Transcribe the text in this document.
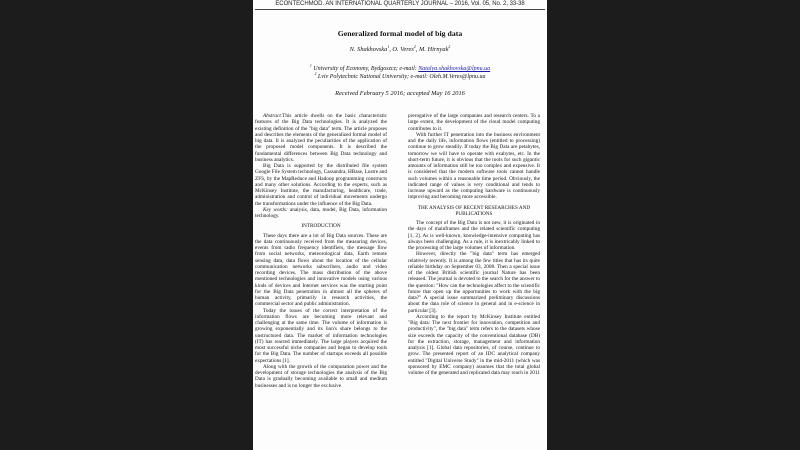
ECONTECHMOD. AN INTERNATIONAL QUARTERLY JOURNAL – 2016, Vol. 05, No. 2, 33-38
Generalized formal model of big data
N. Shakhovska$^1$, O. Veres$^2$, M. Hirnyak$^2$
$^1$ University of Economy, Bydgoszcz; e-mail: Natalya.shakhovska@lpnu.ua
$^2$ Lviv Polytechnic National University; e-mail: Oleh.M.Veres@lpnu.ua
Received February 5 2016; accepted May 16 2016

Abstract.This article dwells on the basic characteristic features of the Big Data technologies. It is analyzed the existing definition of the "big data" term. The article proposes and describes the elements of the generalized formal model of big data. It is analyzed the peculiarities of the application of the proposed model components. It is described the fundamental differences between Big Data technology and business analytics.

Big Data is supported by the distributed file system Google File System technology, Cassandra, HBase, Lustre and ZFS, by the MapReduce and Hadoop programming constructs and many other solutions. According to the experts, such as McKinsey Institute, the manufacturing, healthcare, trade, administration and control of individual movements undergo the transformations under the influence of the Big Data.

Key words: analysis, data, model, Big Data, information technology.

INTRODUCTION

These days there are a lot of Big Data sources. These are the data continuously received from the measuring devices, events from radio frequency identifiers, the message flow from social networks, meteorological data, Earth remote sensing data, data flows about the location of the cellular communication networks subscribers, audio and video recording devices. The mass distribution of the above mentioned technologies and innovative models using various kinds of devices and Internet services was the starting point for the Big Data penetration in almost all the spheres of human activity, primarily in research activities, the commercial sector and public administration.

Today the issues of the correct interpretation of the information flows are becoming more relevant and challenging at the same time. The volume of information is growing exponentially and its lion's share belongs to the unstructured data. The market of information technologies (IT) has reacted immediately. The large players acquired the most successful niche companies and began to develop tools for the Big Data. The number of startups exceeds all possible expectations [1].

Along with the growth of the computation power and the development of storage technologies the analysis of the Big Data is gradually becoming available to small and medium businesses and is no longer the exclusive

prerogative of the large companies and research centers. To a large extent, the development of the cloud model computing contributes to it.

With further IT penetration into the business environment and the daily life, information flows (entitled to processing) continue to grow steadily. If today the Big Data are petabytes, tomorrow we will have to operate with exabytes, etc. In the short-term future, it is obvious that the tools for such gigantic amounts of information still be too complex and expensive. It is considered that the modern software tools cannot handle such volumes within a reasonable time period. Obviously, the indicated range of values is very conditional and tends to increase upward as the computing hardware is continuously improving and becoming more accessible.

THE ANALYSIS OF RECENT RESEARCHES AND PUBLICATIONS

The concept of the Big Data is not new, it is originated in the days of mainframes and the related scientific computing [1, 2]. As is well-known, knowledge-intensive computing has always been challenging. As a rule, it is inextricably linked to the processing of the large volumes of information.

However, directly the "big data" term has emerged relatively recently. It is among the few titles that has its quite reliable birthday on September 03, 2008. Then a special issue of the oldest British scientific journal Nature has been released. The journal is devoted to the search for the answer to the question: "How can the technologies affect to the scientific future that open up the opportunities to work with the big data?" A special issue summarized preliminary discussions about the data role of science in general and in e-science in particular [3].

According to the report by McKinsey Institute entitled "Big data: The next frontier for innovation, competition and productivity", the "big data" term refers to the datasets whose size exceeds the capacity of the conventional database (DB) for the extraction, storage, management and information analysis [1]. Global data repositories, of course, continue to grow. The presented report of an IDC analytical company entitled "Digital Universe Study" in the mid-2011 (which was sponsored by EMC company) assumes that the total global volume of the generated and replicated data may reach in 2011
